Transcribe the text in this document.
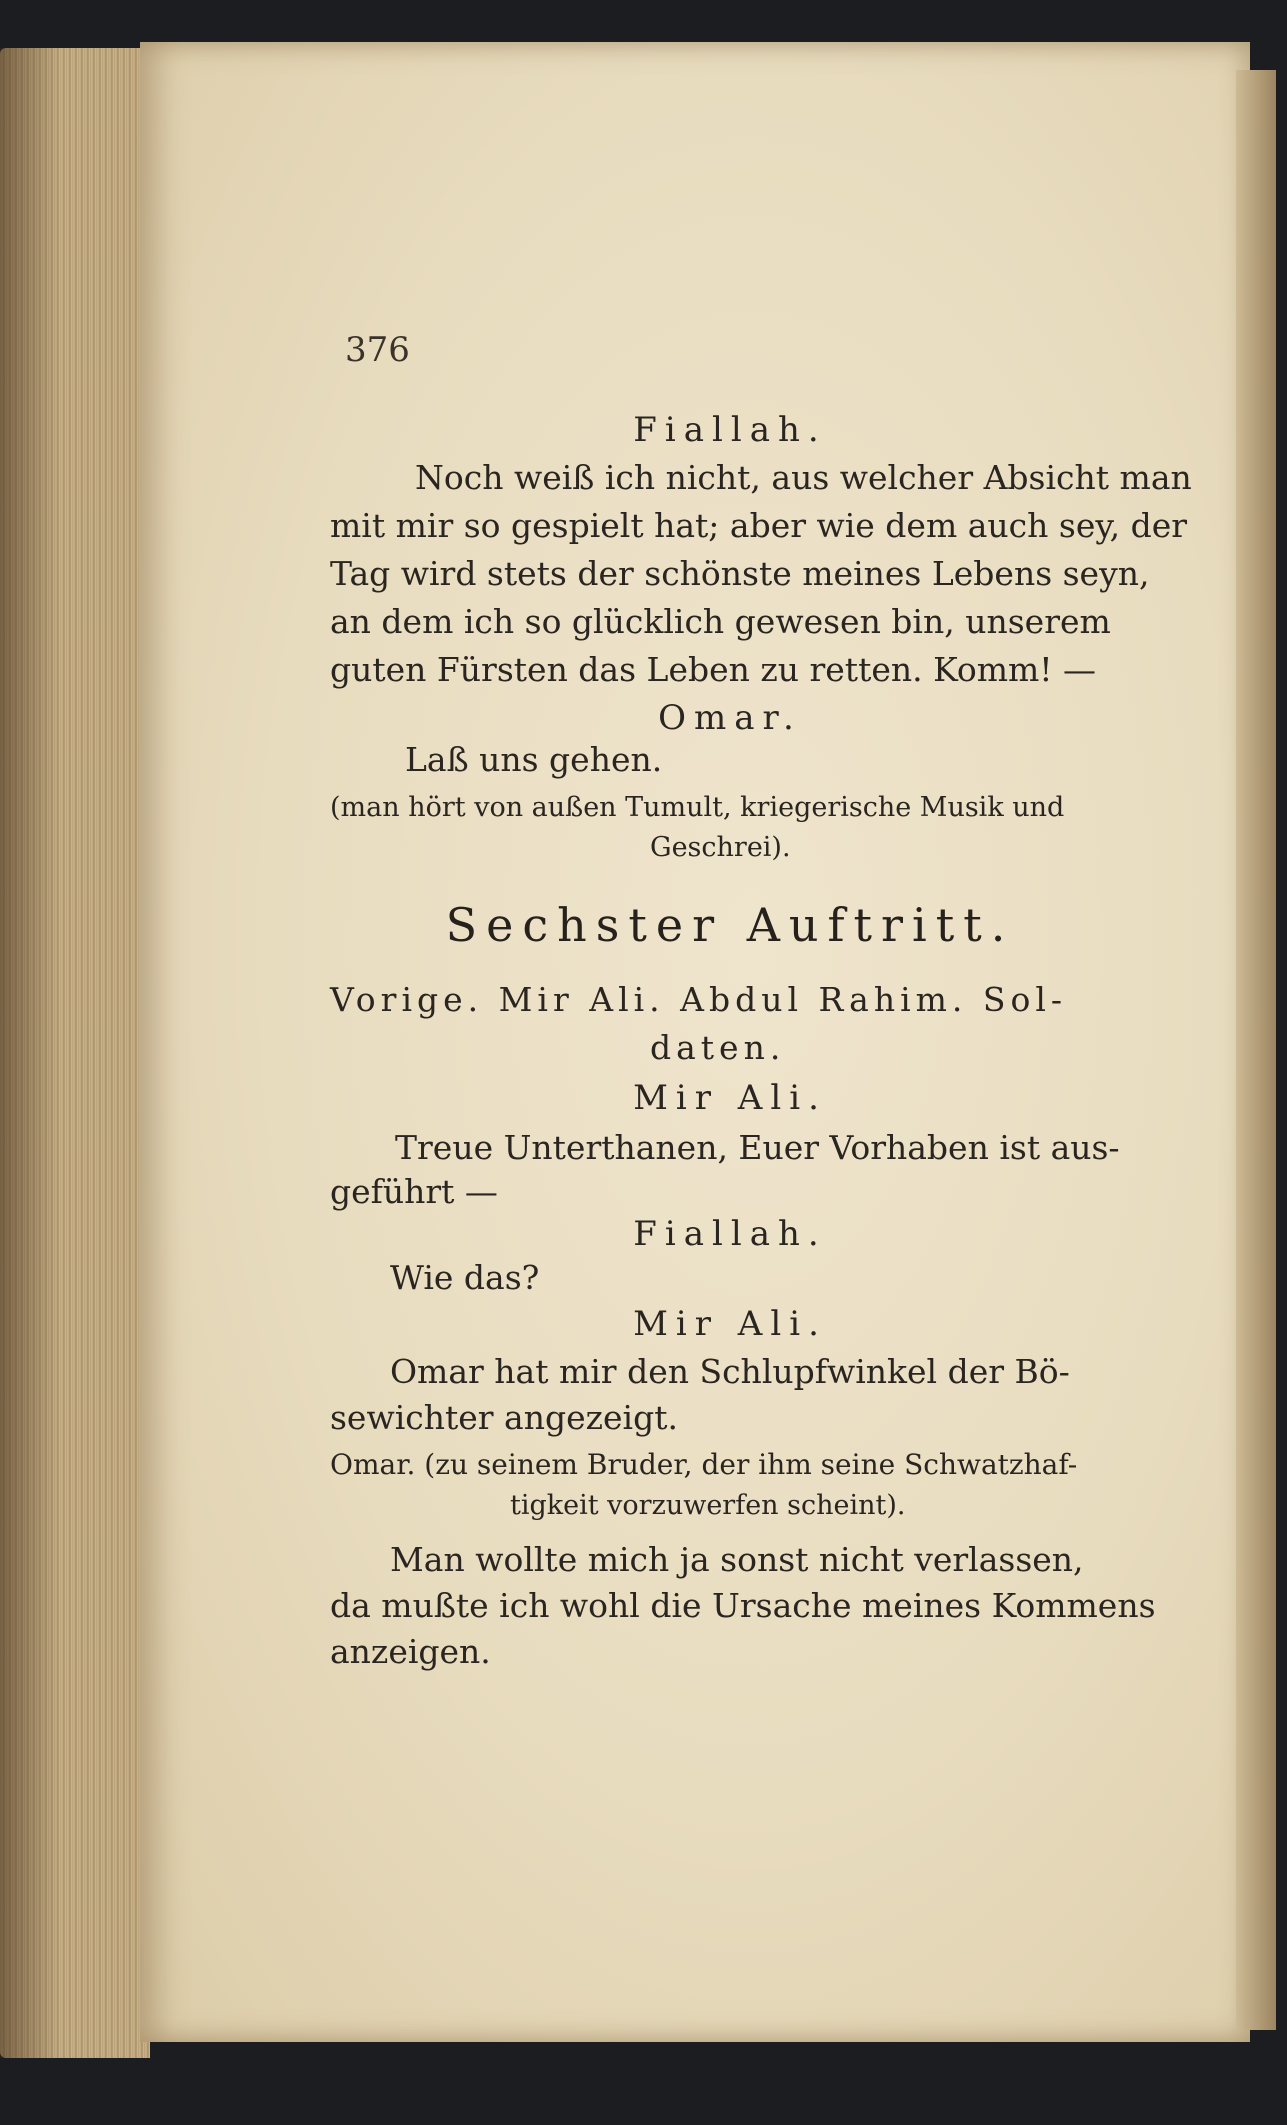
376
Fiallah.
Noch weiß ich nicht, aus welcher Absicht man
mit mir so gespielt hat; aber wie dem auch sey, der
Tag wird stets der schönste meines Lebens seyn,
an dem ich so glücklich gewesen bin, unserem
guten Fürsten das Leben zu retten. Komm! —
Omar.
Laß uns gehen.
(man hört von außen Tumult, kriegerische Musik und
Geschrei).
Sechster Auftritt.
Vorige. Mir Ali. Abdul Rahim. Sol-
daten.
Mir Ali.
Treue Unterthanen, Euer Vorhaben ist aus-
geführt —
Fiallah.
Wie das?
Mir Ali.
Omar hat mir den Schlupfwinkel der Bö-
sewichter angezeigt.
Omar. (zu seinem Bruder, der ihm seine Schwatzhaf-
tigkeit vorzuwerfen scheint).
Man wollte mich ja sonst nicht verlassen,
da mußte ich wohl die Ursache meines Kommens
anzeigen.
